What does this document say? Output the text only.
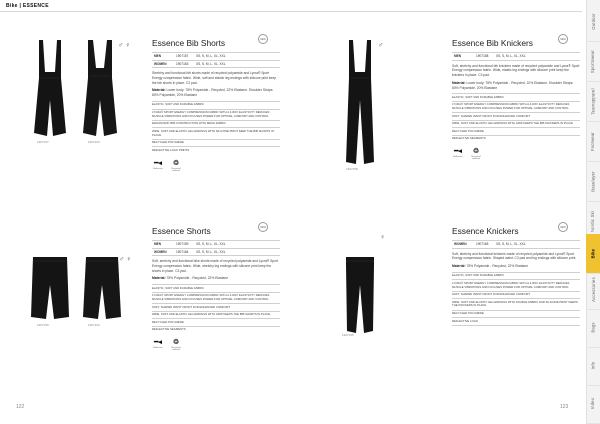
Bike | ESSENCE
Outdoor
Sportswear
Teamapparel
Footwear
Baselayer
Nordic Ski
Bike
Accessories
Bags
Info
Index
1907157	1907163
♂ ♀	Essence Bib Shorts
MEN	1907157	XS, S, M, L, XL, XXL
WOMEN	1907163	XS, S, M, L, XL, XXL
Stretchy and functional bib shorts made of recycled polyamide and Lycra® Sport Energy compression fabric. Wide, soft and elastic leg endings with silicone print keep the bib shorts in place. C3 pad.
Material: Lower body: 78% Polyamide - Recycled, 22% Elastane. Shoulder Straps: 80% Polyamide, 20% Elastane
ELASTIC, SOFT AND DURABLE FABRIC
LYCRA® SPORT ENERGY COMPRESSION FABRIC WITH A 4-WAY ELASTICITY REDUCES MUSCLE VIBRATIONS AND FOCUSES POWER FOR OPTIMAL COMFORT AND CONTROL
ERGONOMIC BIB CONSTRUCTION WITH MESH FABRIC
WIDE, SOFT AND ELASTIC LEG ENDINGS WITH SILICONE PRINT KEEP THE BIB SHORTS IN PLACE
RECYCLED POLYAMIDE
REFLECTIVE LOGO PRINTS
━◂
Reflective
♲
Recycled material
NEW
1907158
♂	Essence Bib Knickers
MEN	1907158	XS, S, M, L, XL, XXL
Soft, stretchy and functional bib knickers made of recycled polyamide and Lycra® Sport Energy compression fabric. Wide, elastic leg endings with silicone print keep the knickers in place. C3 pad.
Material: Lower body: 78% Polyamide - Recycled, 22% Elastane. Shoulder Straps: 80% Polyamide, 20% Elastane
ELASTIC, SOFT AND DURABLE FABRIC
LYCRA® SPORT ENERGY COMPRESSION FABRIC WITH A 4-WAY ELASTICITY REDUCES MUSCLE VIBRATIONS AND FOCUSES POWER FOR OPTIMAL COMFORT AND CONTROL
SOFT, SHAPED WAIST FRONT FOR ENHANCED COMFORT
WIDE, SOFT AND ELASTIC LEG ENDINGS WITH GRIP KEEPS THE BIB KNICKERS IN PLACE
RECYCLED POLYAMIDE
REFLECTIVE SEGMENTS
━◂
Reflective
♲
Recycled material
1907159	1907164
♂ ♀
Essence Shorts
MEN	1907159	XS, S, M, L, XL, XXL
WOMEN	1907164	XS, S, M, L, XL, XXL
Soft, stretchy and functional bike shorts made of recycled polyamide and Lycra® Sport Energy compression fabric. Wide, stretchy leg endings with silicone print keep the shorts in place. C3 pad.
Material: 78% Polyamide - Recycled, 22% Elastane
ELASTIC, SOFT AND DURABLE FABRIC
LYCRA® SPORT ENERGY COMPRESSION FABRIC WITH A 4-WAY ELASTICITY REDUCES MUSCLE VIBRATIONS AND FOCUSES POWER FOR OPTIMAL COMFORT AND CONTROL
SOFT, SHAPED WAIST FRONT FOR ENHANCED COMFORT
WIDE, SOFT AND ELASTIC LEG ENDINGS WITH GRIP KEEPS THE BIB SHORTS IN PLACE
RECYCLED POLYAMIDE
REFLECTIVE SEGMENTS
━◂
Reflective
♲
Recycled material
NEW
1907165
♀
Essence Knickers
WOMEN	1907165	XS, S, M, L, XL, XXL
Soft, stretchy and functional knickers made of recycled polyamide and Lycra® Sport Energy compression fabric. Shaped waist. C3 pad and leg endings with silicone print.
Material: 78% Polyamide - Recycled, 22% Elastane
ELASTIC, SOFT AND DURABLE FABRIC
LYCRA® SPORT ENERGY COMPRESSION FABRIC WITH A 4-WAY ELASTICITY REDUCES MUSCLE VIBRATIONS AND FOCUSES POWER FOR OPTIMAL COMFORT AND CONTROL
SOFT, SHAPED WAIST FRONT FOR ENHANCED COMFORT
WIDE, SOFT AND ELASTIC LEG ENDINGS WITH DOUBLE FABRIC AND SILICONE PRINT KEEPS THE KNICKERS IN PLACE
RECYCLED POLYAMIDE
REFLECTIVE LOGO
NEW
NEW
122	123
